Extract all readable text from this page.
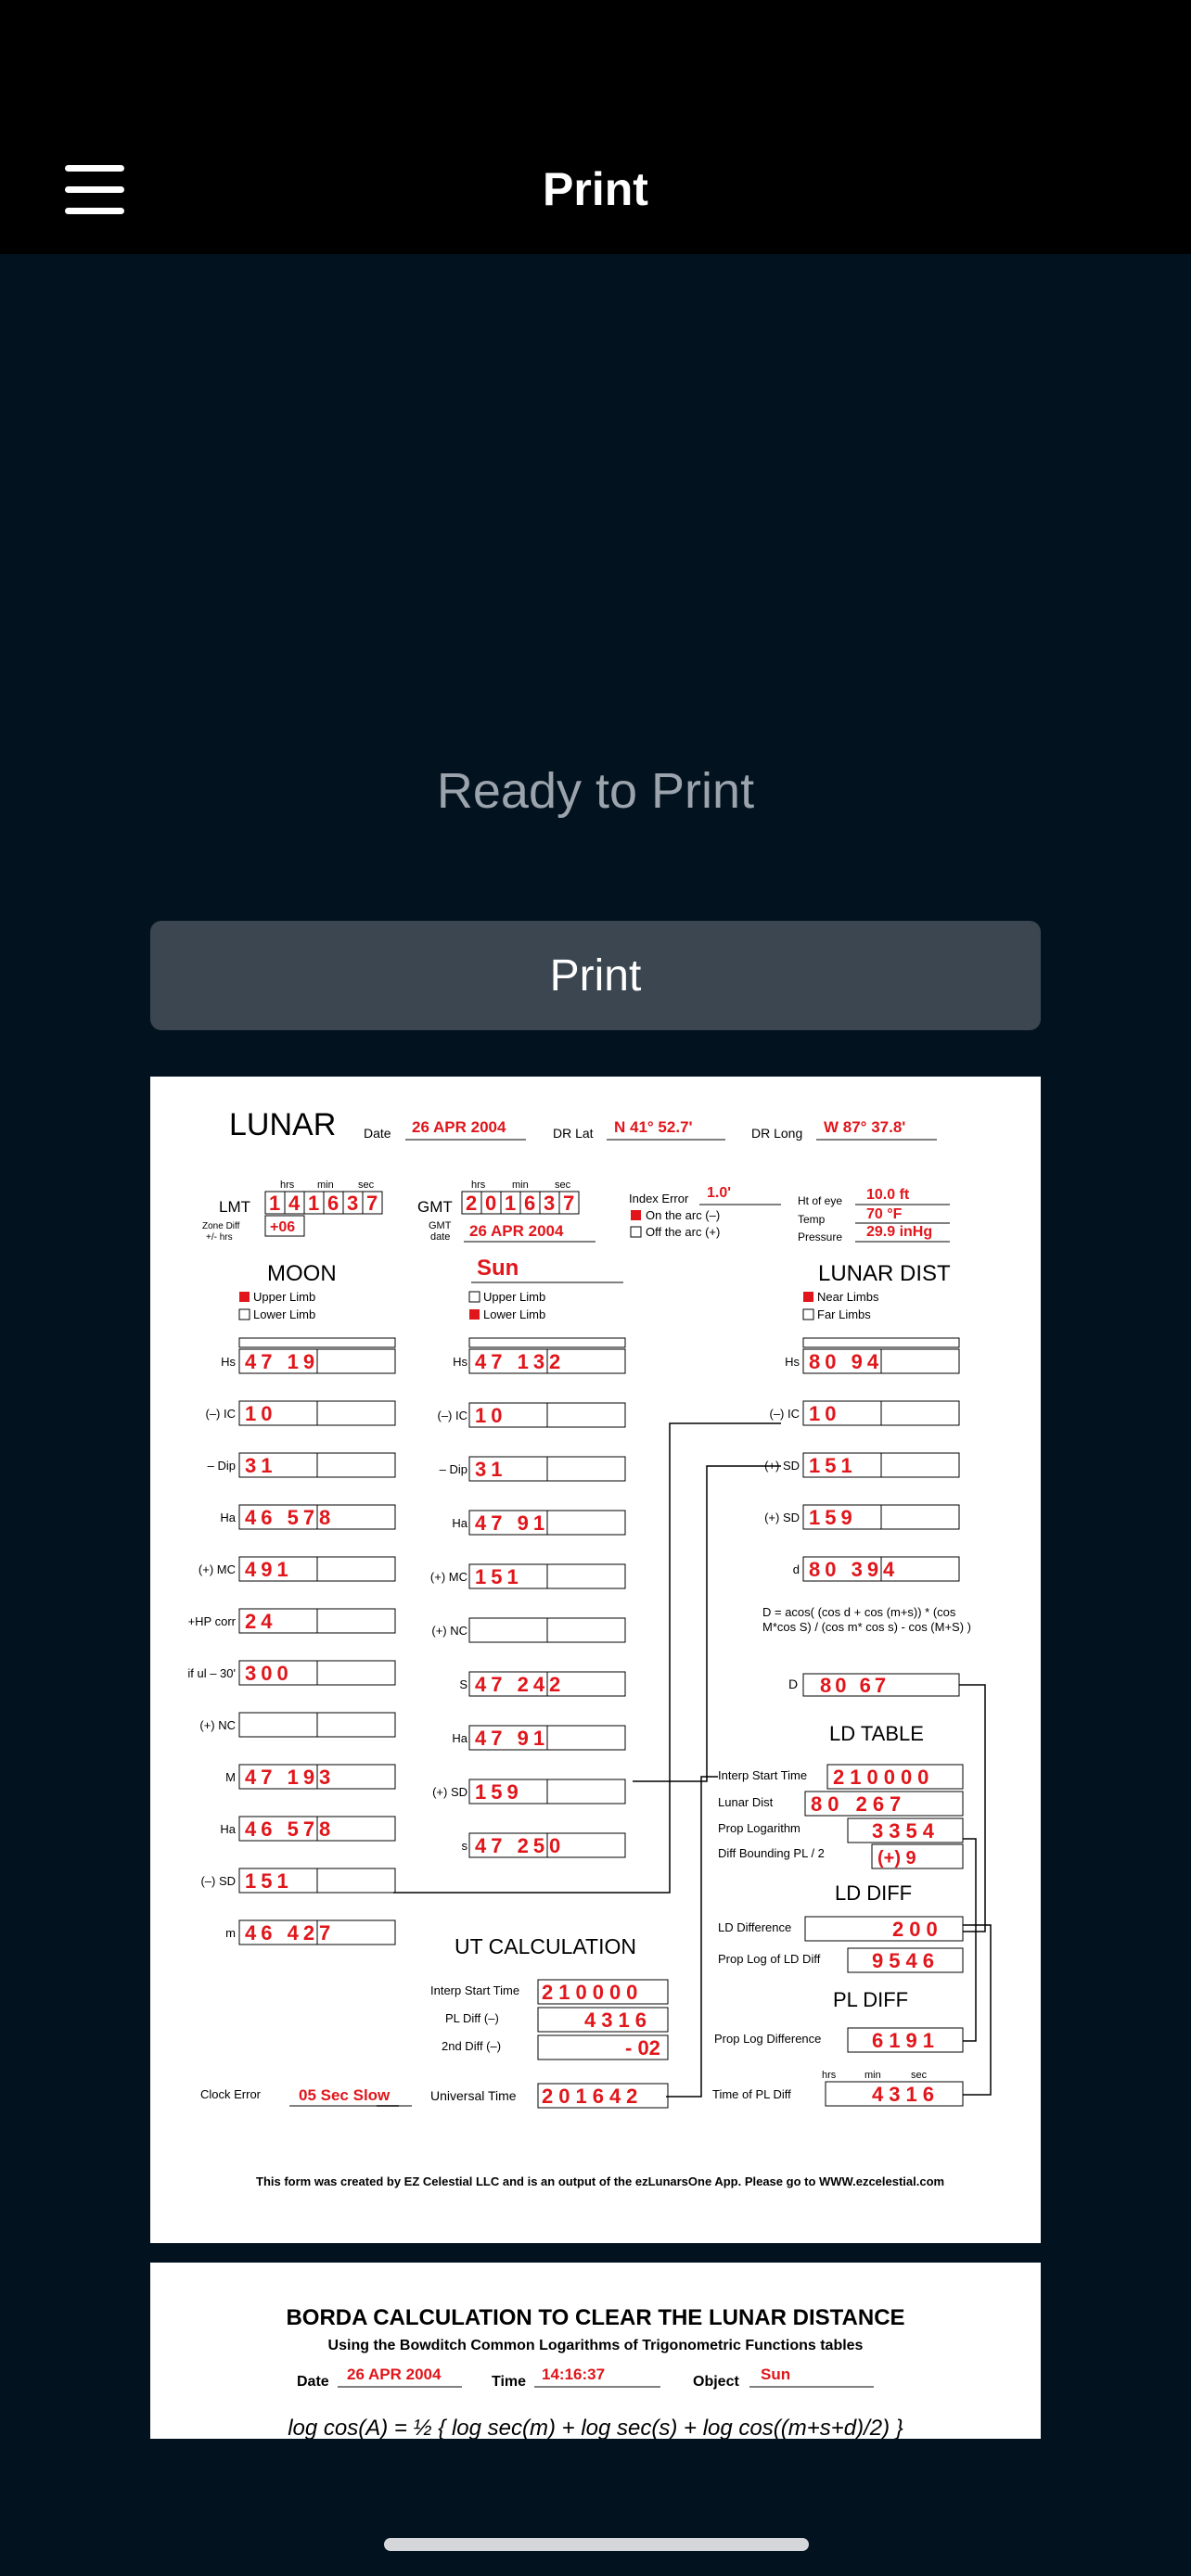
Print
Ready to Print
Print
LUNAR Date 26 APR 2004	DR Lat N 41° 52.7'	DR Long W 87° 37.8'
hrs min sec
LMT 1 4 1 6 3 7
Zone Diff
+/- hrs
+06
GMT
hrs	min	sec
2 0 1 6 3 7
GMT
date 26 APR 2004
Index Error 1.0'
On the arc (–)
Off the arc (+)
Ht of eye 10.0 ft
Temp	70 °F
Pressure 29.9 inHg
MOON
Upper Limb
Lower Limb
Sun
Upper Limb
Lower Limb
LUNAR DIST
Near Limbs
Far Limbs
Hs 47 19
(–) IC 10
– Dip 31
Ha 46 578
(+) MC 491
+HP corr 24
if ul – 30' 300
(+) NC
M 47 193
Ha 46 578
(–) SD 151
m 46 427
Hs 47 132
(–) IC 10
– Dip 31
Ha 47 91
(+) MC 151
(+) NC
S 47 242
Ha 47 91
(+) SD 159
s 47 250
Hs 80 94
(–) IC 10
(+) SD 151
(+) SD 159
d 80 394
D = acos( (cos d + cos (m+s)) * (cos M*cos S) / (cos m* cos s) - cos (M+S) )
D 80 67
LD TABLE
Interp Start Time 210000
Lunar Dist 80 267
Prop Logarithm	3354
Diff Bounding PL / 2	(+) 9
LD DIFF
LD Difference	200
Prop Log of LD Diff	9546
PL DIFF
Prop Log Difference 6191
hrs	min	sec
Time of PL Diff	4316
UT CALCULATION
Interp Start Time 210000
PL Diff (–)	4316
2nd Diff (–)	- 02
Universal Time 201642
Clock Error 05 Sec Slow
This form was created by EZ Celestial LLC and is an output of the ezLunarsOne App. Please go to WWW.ezcelestial.com
BORDA CALCULATION TO CLEAR THE LUNAR DISTANCE
Using the Bowditch Common Logarithms of Trigonometric Functions tables
Date 26 APR 2004	Time 14:16:37	Object Sun
log cos(A) = ½ { log sec(m) + log sec(s) + log cos((m+s+d)/2) }
